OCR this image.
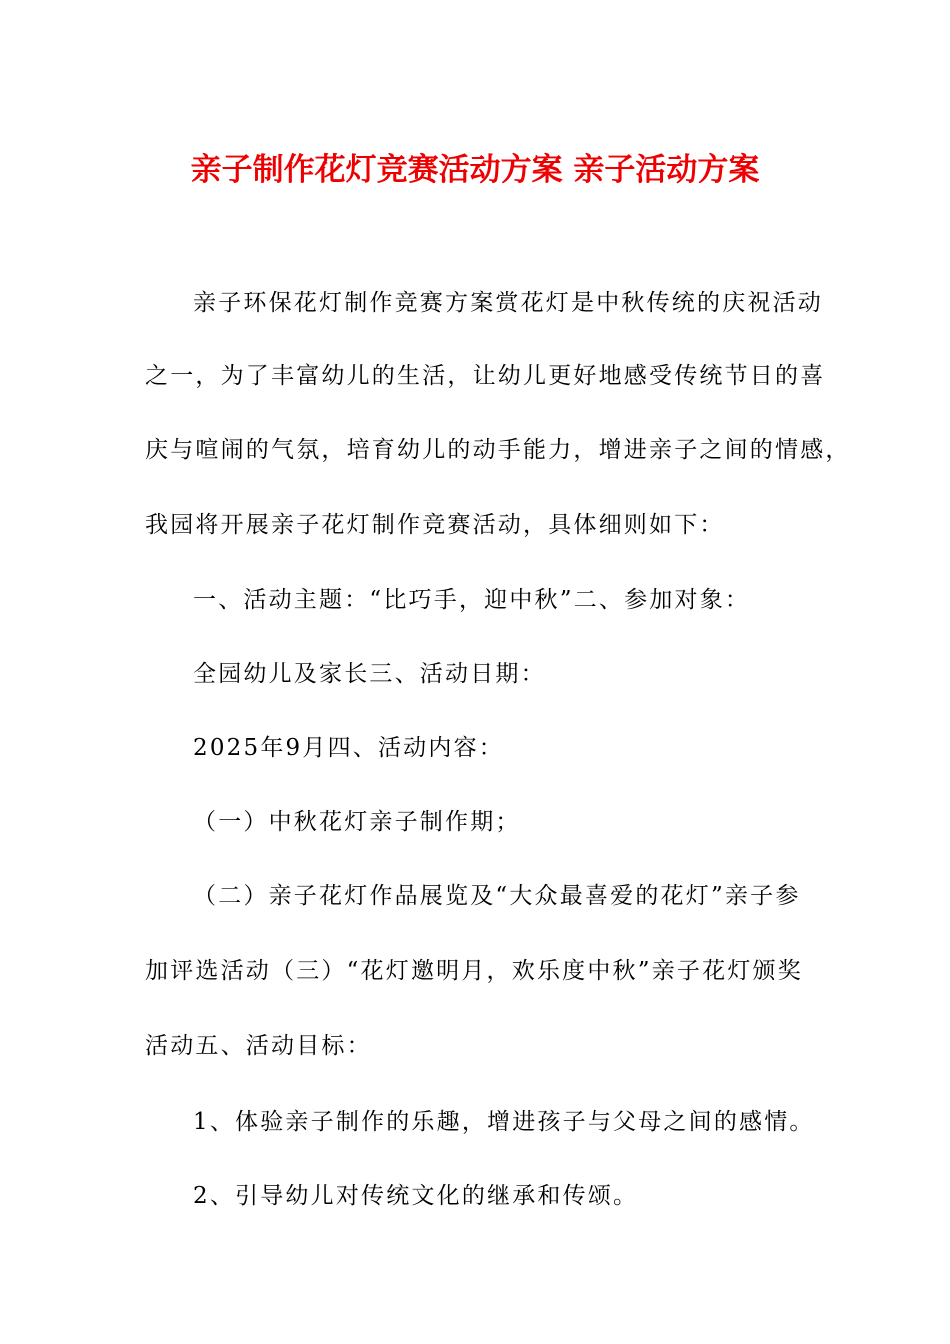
亲子制作花灯竞赛活动方案 亲子活动方案
亲子环保花灯制作竞赛方案赏花灯是中秋传统的庆祝活动
之一，为了丰富幼儿的生活，让幼儿更好地感受传统节日的喜
庆与喧闹的气氛，培育幼儿的动手能力，增进亲子之间的情感，
我园将开展亲子花灯制作竞赛活动，具体细则如下：
一、活动主题：“比巧手，迎中秋”二、参加对象：
全园幼儿及家长三、活动日期：
2025年9月四、活动内容：
（一）中秋花灯亲子制作期；
（二）亲子花灯作品展览及“大众最喜爱的花灯”亲子参
加评选活动（三）“花灯邀明月，欢乐度中秋”亲子花灯颁奖
活动五、活动目标：
1、体验亲子制作的乐趣，增进孩子与父母之间的感情。
2、引导幼儿对传统文化的继承和传颂。
